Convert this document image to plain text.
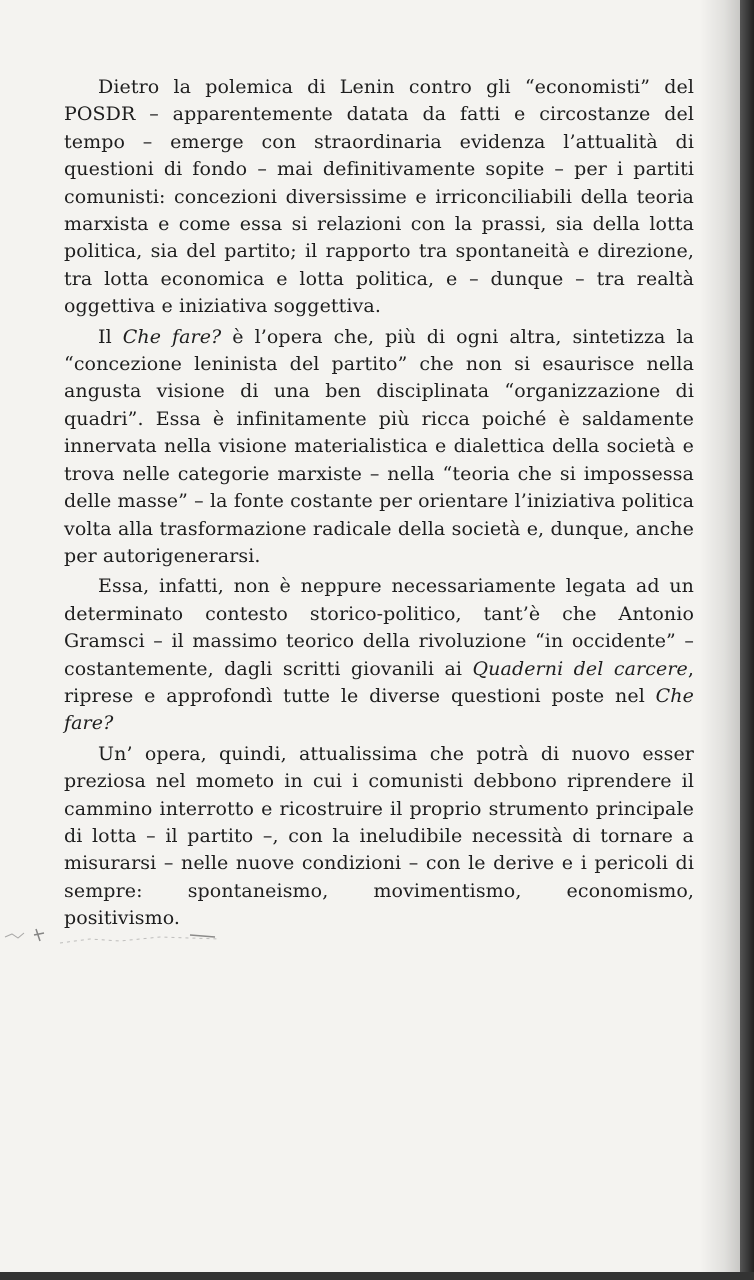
Dietro la polemica di Lenin contro gli “economisti” del POSDR – apparentemente datata da fatti e circostanze del tempo – emerge con straordinaria evidenza l’attualità di questioni di fondo – mai definitivamente sopite – per i partiti comunisti: concezioni diversissime e irriconciliabili della teoria marxista e come essa si relazioni con la prassi, sia della lotta politica, sia del partito; il rapporto tra spontaneità e direzione, tra lotta economica e lotta politica, e – dunque – tra realtà oggettiva e iniziativa soggettiva.

Il Che fare? è l’opera che, più di ogni altra, sintetizza la “concezione leninista del partito” che non si esaurisce nella angusta visione di una ben disciplinata “organizzazione di quadri”. Essa è infinitamente più ricca poiché è saldamente innervata nella visione materialistica e dialettica della società e trova nelle categorie marxiste – nella “teoria che si impossessa delle masse” – la fonte costante per orientare l’iniziativa politica volta alla trasformazione radicale della società e, dunque, anche per autorigenerarsi.

Essa, infatti, non è neppure necessariamente legata ad un determinato contesto storico-politico, tant’è che Antonio Gramsci – il massimo teorico della rivoluzione “in occidente” – costantemente, dagli scritti giovanili ai Quaderni del carcere, riprese e approfondì tutte le diverse questioni poste nel Che fare?

Un’ opera, quindi, attualissima che potrà di nuovo esser preziosa nel mometo in cui i comunisti debbono riprendere il cammino interrotto e ricostruire il proprio strumento principale di lotta – il partito –, con la ineludibile necessità di tornare a misurarsi – nelle nuove condizioni – con le derive e i pericoli di sempre: spontaneismo, movimentismo, economismo, positivismo.
